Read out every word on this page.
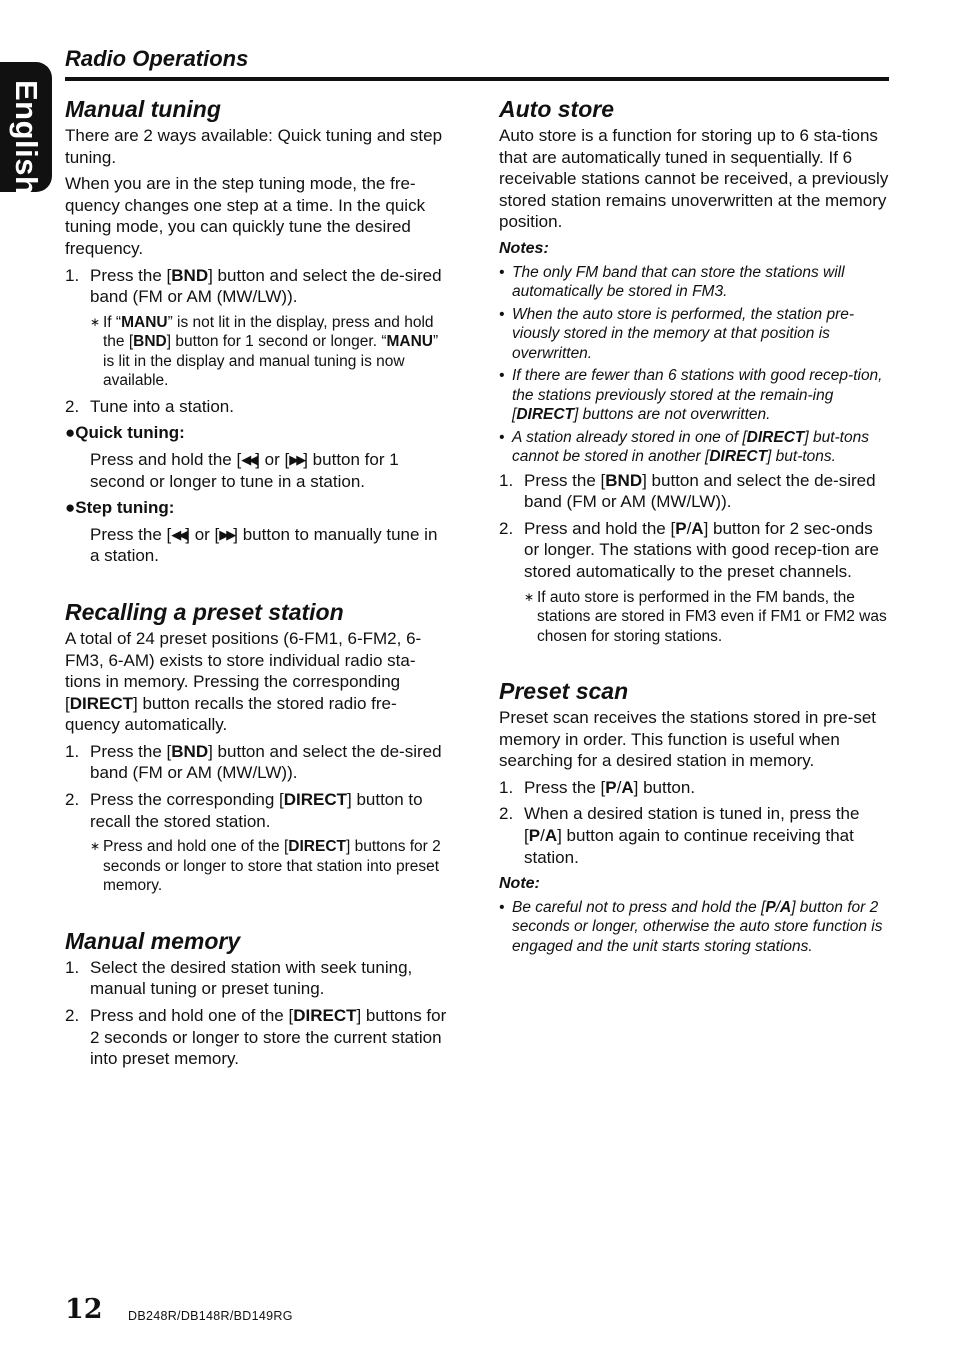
English
Radio Operations
Manual tuning

There are 2 ways available: Quick tuning and step tuning.

When you are in the step tuning mode, the fre-quency changes one step at a time. In the quick tuning mode, you can quickly tune the desired frequency.

1. Press the [BND] button and select the de-sired band (FM or AM (MW/LW)).
∗ If “MANU” is not lit in the display, press and hold the [BND] button for 1 second or longer. “MANU” is lit in the display and manual tuning is now available.
2. Tune into a station.
●Quick tuning:
Press and hold the [◀◀] or [▶▶] button for 1 second or longer to tune in a station.
●Step tuning:
Press the [◀◀] or [▶▶] button to manually tune in a station.
Recalling a preset station

A total of 24 preset positions (6-FM1, 6-FM2, 6-FM3, 6-AM) exists to store individual radio sta-tions in memory. Pressing the corresponding [DIRECT] button recalls the stored radio fre-quency automatically.

1. Press the [BND] button and select the de-sired band (FM or AM (MW/LW)).
2. Press the corresponding [DIRECT] button to recall the stored station.
∗ Press and hold one of the [DIRECT] buttons for 2 seconds or longer to store that station into preset memory.
Manual memory
1. Select the desired station with seek tuning, manual tuning or preset tuning.
2. Press and hold one of the [DIRECT] buttons for 2 seconds or longer to store the current station into preset memory.
Auto store

Auto store is a function for storing up to 6 sta-tions that are automatically tuned in sequentially. If 6 receivable stations cannot be received, a previously stored station remains unoverwritten at the memory position.

Notes:
• The only FM band that can store the stations will automatically be stored in FM3.
• When the auto store is performed, the station pre-viously stored in the memory at that position is overwritten.
• If there are fewer than 6 stations with good recep-tion, the stations previously stored at the remain-ing [DIRECT] buttons are not overwritten.
• A station already stored in one of [DIRECT] but-tons cannot be stored in another [DIRECT] but-tons.
1. Press the [BND] button and select the de-sired band (FM or AM (MW/LW)).
2. Press and hold the [P/A] button for 2 sec-onds or longer. The stations with good recep-tion are stored automatically to the preset channels.
∗ If auto store is performed in the FM bands, the stations are stored in FM3 even if FM1 or FM2 was chosen for storing stations.
Preset scan

Preset scan receives the stations stored in pre-set memory in order. This function is useful when searching for a desired station in memory.

1. Press the [P/A] button.
2. When a desired station is tuned in, press the [P/A] button again to continue receiving that station.
Note:
• Be careful not to press and hold the [P/A] button for 2 seconds or longer, otherwise the auto store function is engaged and the unit starts storing stations.
12 DB248R/DB148R/BD149RG
